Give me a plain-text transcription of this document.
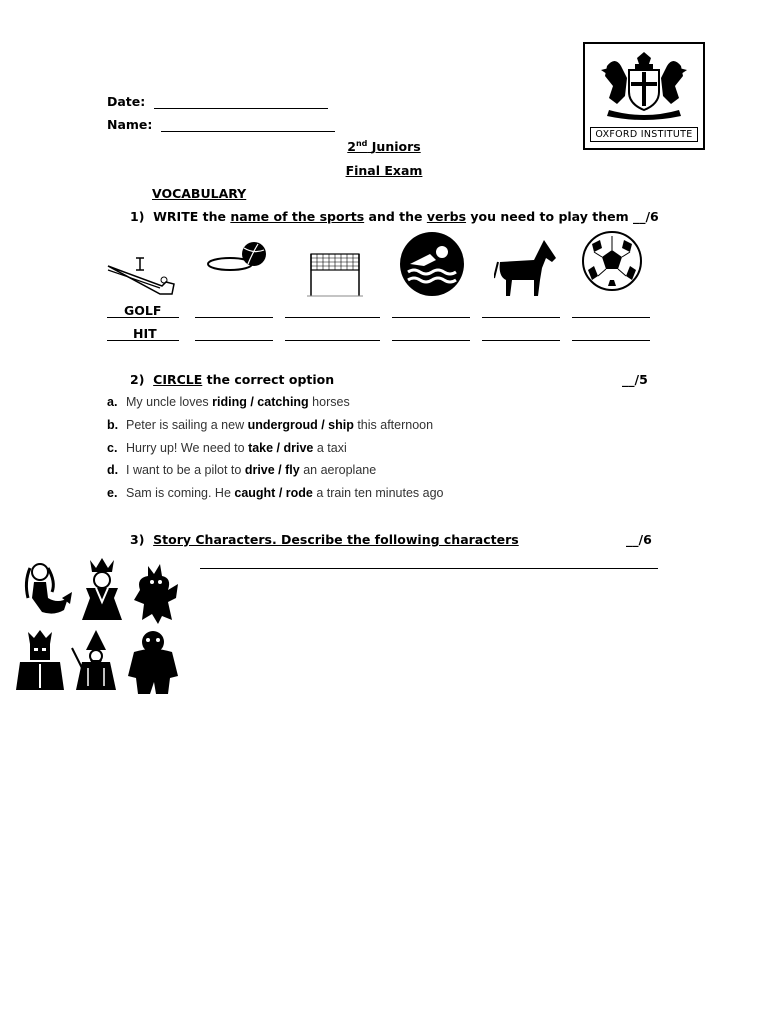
OXFORD INSTITUTE
Date:
Name:
2nd Juniors
Final Exam
VOCABULARY
1) WRITE the name of the sports and the verbs you need to play them __/6
GOLF
HIT
2) CIRCLE the correct option	__/5
a. My uncle loves riding / catching horses
b. Peter is sailing a new undergroud / ship this afternoon
c. Hurry up! We need to take / drive a taxi
d. I want to be a pilot to drive / fly an aeroplane
e. Sam is coming. He caught / rode a train ten minutes ago
3) Story Characters. Describe the following characters	__/6
